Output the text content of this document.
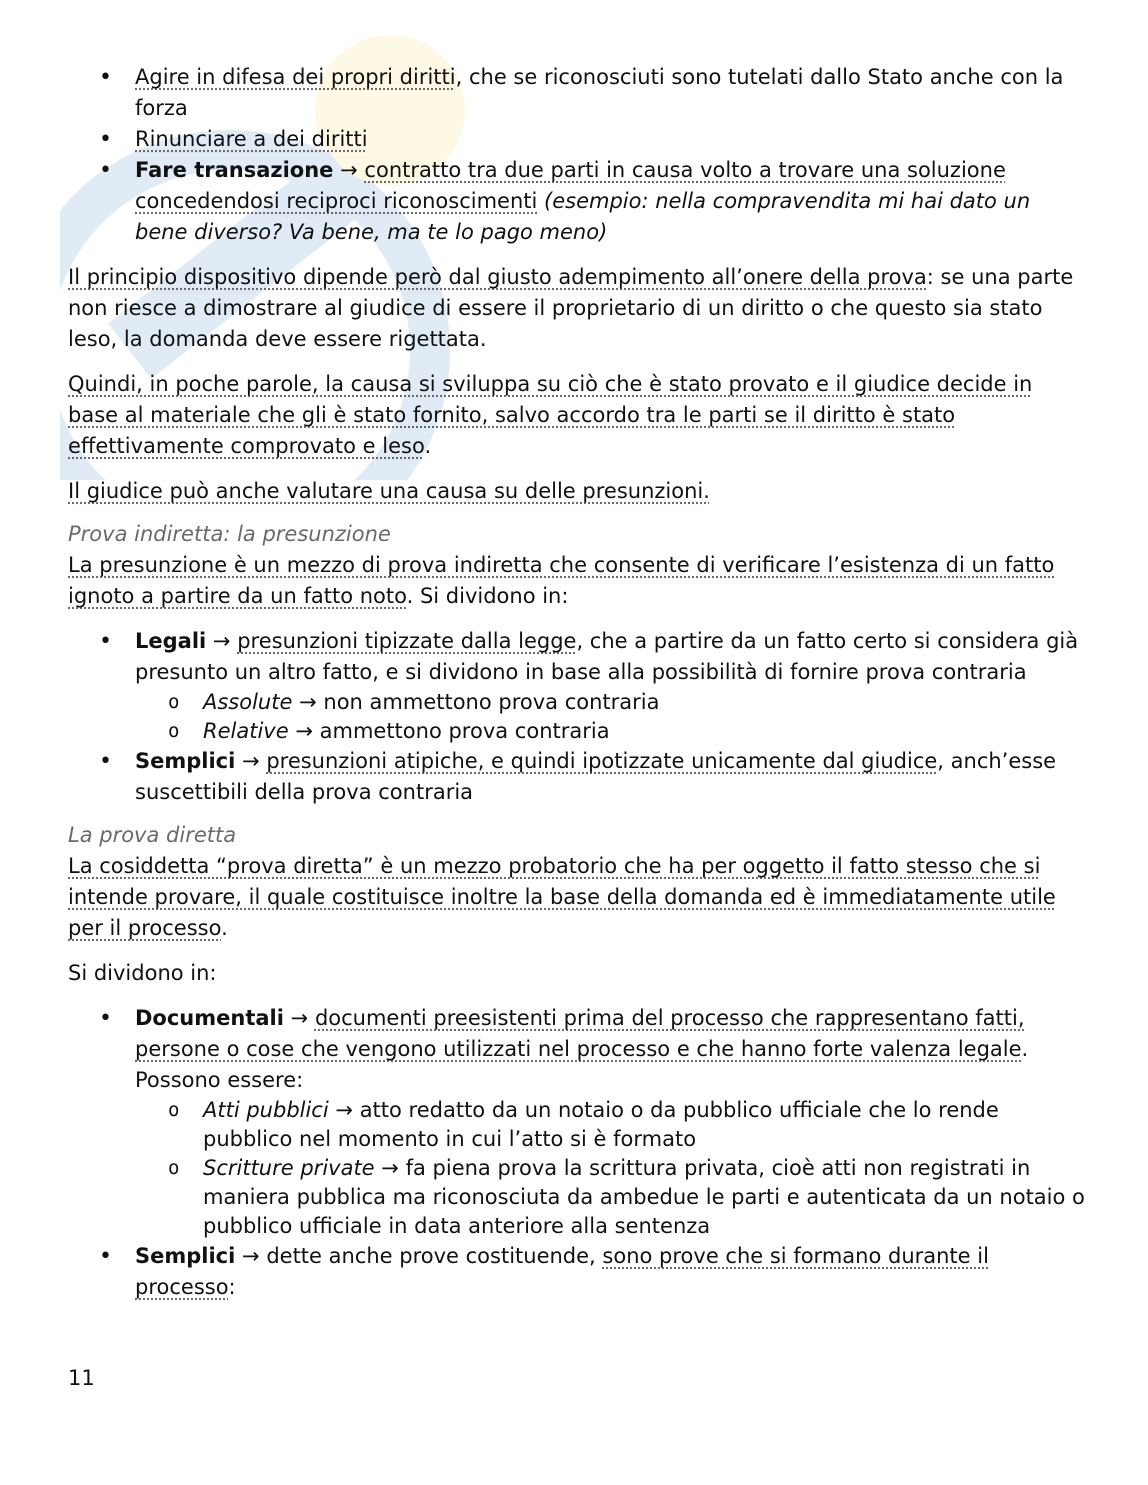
• Agire in difesa dei propri diritti, che se riconosciuti sono tutelati dallo Stato anche con la forza
• Rinunciare a dei diritti
• Fare transazione → contratto tra due parti in causa volto a trovare una soluzione concedendosi reciproci riconoscimenti (esempio: nella compravendita mi hai dato un bene diverso? Va bene, ma te lo pago meno)

Il principio dispositivo dipende però dal giusto adempimento all’onere della prova: se una parte non riesce a dimostrare al giudice di essere il proprietario di un diritto o che questo sia stato leso, la domanda deve essere rigettata.

Quindi, in poche parole, la causa si sviluppa su ciò che è stato provato e il giudice decide in base al materiale che gli è stato fornito, salvo accordo tra le parti se il diritto è stato effettivamente comprovato e leso.

Il giudice può anche valutare una causa su delle presunzioni.

Prova indiretta: la presunzione

La presunzione è un mezzo di prova indiretta che consente di verificare l’esistenza di un fatto ignoto a partire da un fatto noto. Si dividono in:

• Legali → presunzioni tipizzate dalla legge, che a partire da un fatto certo si considera già presunto un altro fatto, e si dividono in base alla possibilità di fornire prova contraria
o Assolute → non ammettono prova contraria
o Relative → ammettono prova contraria
• Semplici → presunzioni atipiche, e quindi ipotizzate unicamente dal giudice, anch’esse suscettibili della prova contraria
La prova diretta

La cosiddetta “prova diretta” è un mezzo probatorio che ha per oggetto il fatto stesso che si intende provare, il quale costituisce inoltre la base della domanda ed è immediatamente utile per il processo.

Si dividono in:

• Documentali → documenti preesistenti prima del processo che rappresentano fatti, persone o cose che vengono utilizzati nel processo e che hanno forte valenza legale. Possono essere:
o Atti pubblici → atto redatto da un notaio o da pubblico ufficiale che lo rende pubblico nel momento in cui l’atto si è formato
o Scritture private → fa piena prova la scrittura privata, cioè atti non registrati in maniera pubblica ma riconosciuta da ambedue le parti e autenticata da un notaio o pubblico ufficiale in data anteriore alla sentenza
• Semplici → dette anche prove costituende, sono prove che si formano durante il processo:
11
